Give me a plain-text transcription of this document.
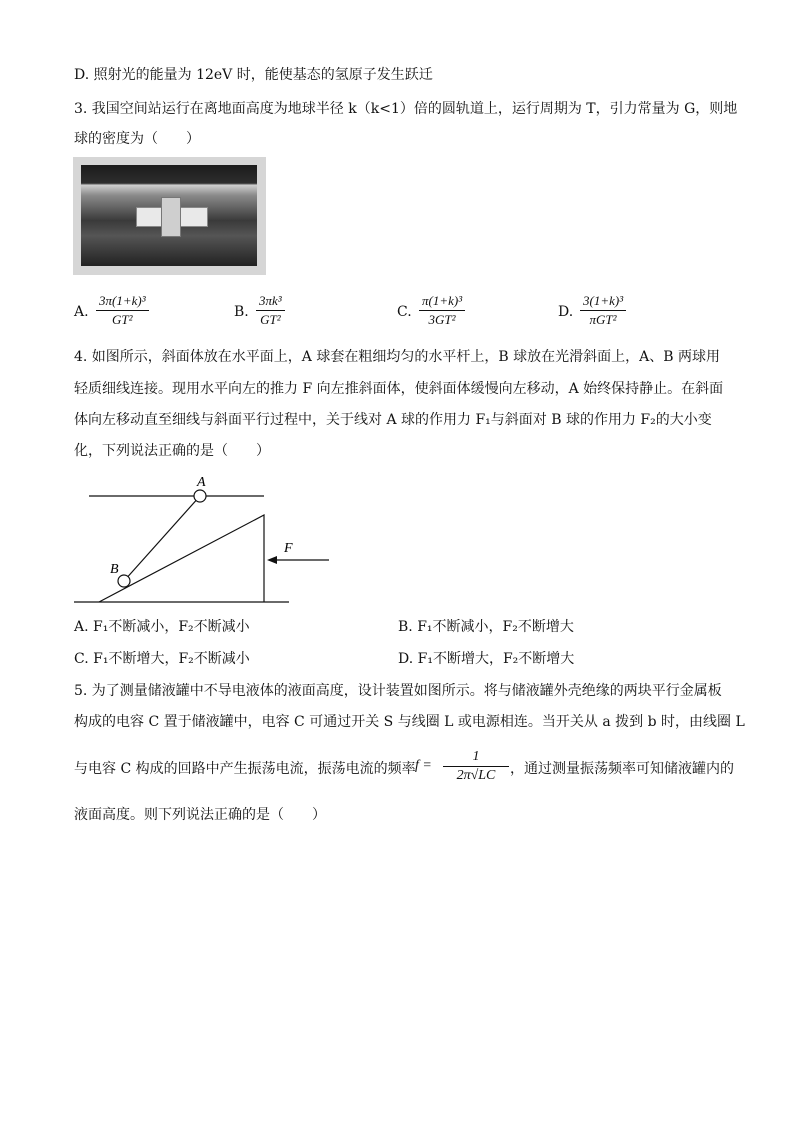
D. 照射光的能量为 12eV 时，能使基态的氢原子发生跃迁
3. 我国空间站运行在离地面高度为地球半径 k（k<1）倍的圆轨道上，运行周期为 T，引力常量为 G，则地
球的密度为（　　）
A. $\frac{\text{3π(1+k)³}}{\text{GT²}}$	B. $\frac{\text{3πk³}}{\text{GT²}}$	C. $\frac{\text{π(1+k)³}}{\text{3GT²}}$	D.
3(1+k)³
πGT²
4. 如图所示，斜面体放在水平面上，A 球套在粗细均匀的水平杆上，B 球放在光滑斜面上，A、B 两球用
轻质细线连接。现用水平向左的推力 F 向左推斜面体，使斜面体缓慢向左移动，A 始终保持静止。在斜面
体向左移动直至细线与斜面平行过程中，关于线对 A 球的作用力 F₁与斜面对 B 球的作用力 F₂的大小变
化，下列说法正确的是（　　）
A
B
F
A. F₁不断减小，F₂不断减小	B. F₁不断减小，F₂不断增大
C. F₁不断增大，F₂不断减小	D. F₁不断增大，F₂不断增大
5. 为了测量储液罐中不导电液体的液面高度，设计装置如图所示。将与储液罐外壳绝缘的两块平行金属板
构成的电容 C 置于储液罐中，电容 C 可通过开关 S 与线圈 L 或电源相连。当开关从 a 拨到 b 时，由线圈 L
与电容 C 构成的回路中产生振荡电流，振荡电流的频率 f =
1
2π√LC	，通过测量振荡频率可知储液罐内的
液面高度。则下列说法正确的是（　　）
